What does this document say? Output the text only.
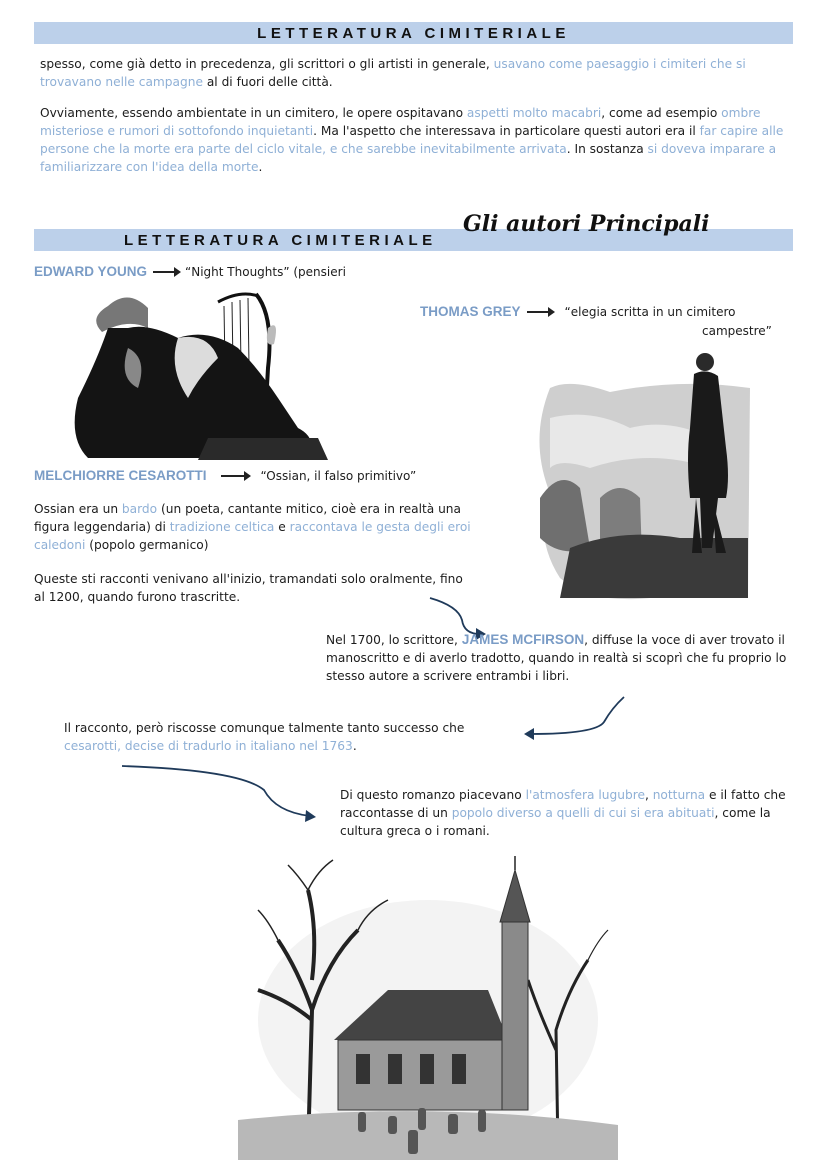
LETTERATURA CIMITERIALE

spesso, come già detto in precedenza, gli scrittori o gli artisti in generale, usavano come paesaggio i cimiteri che si trovavano nelle campagne al di fuori delle città.

Ovviamente, essendo ambientate in un cimitero, le opere ospitavano aspetti molto macabri, come ad esempio ombre misteriose e rumori di sottofondo inquietanti. Ma l'aspetto che interessava in particolare questi autori era il far capire alle persone che la morte era parte del ciclo vitale, e che sarebbe inevitabilmente arrivata. In sostanza si doveva imparare a familiarizzare con l'idea della morte.

LETTERATURA CIMITERIALE
Gli autori Principali
EDWARD YOUNG	“Night Thoughts” (pensieri
THOMAS GREY	“elegia scritta in un cimitero
campestre”
MELCHIORRE CESAROTTI	“Ossian, il falso primitivo”

Ossian era un bardo (un poeta, cantante mitico, cioè era in realtà una figura leggendaria) di tradizione celtica e raccontava le gesta degli eroi caledoni (popolo germanico)

Queste sti racconti venivano all'inizio, tramandati solo oralmente, fino al 1200, quando furono trascritte.

Nel 1700, lo scrittore, JAMES MCFIRSON, diffuse la voce di aver trovato il manoscritto e di averlo tradotto, quando in realtà si scoprì che fu proprio lo stesso autore a scrivere entrambi i libri.

Il racconto, però riscosse comunque talmente tanto successo che cesarotti, decise di tradurlo in italiano nel 1763.

Di questo romanzo piacevano l'atmosfera lugubre, notturna e il fatto che raccontasse di un popolo diverso a quelli di cui si era abituati, come la cultura greca o i romani.
